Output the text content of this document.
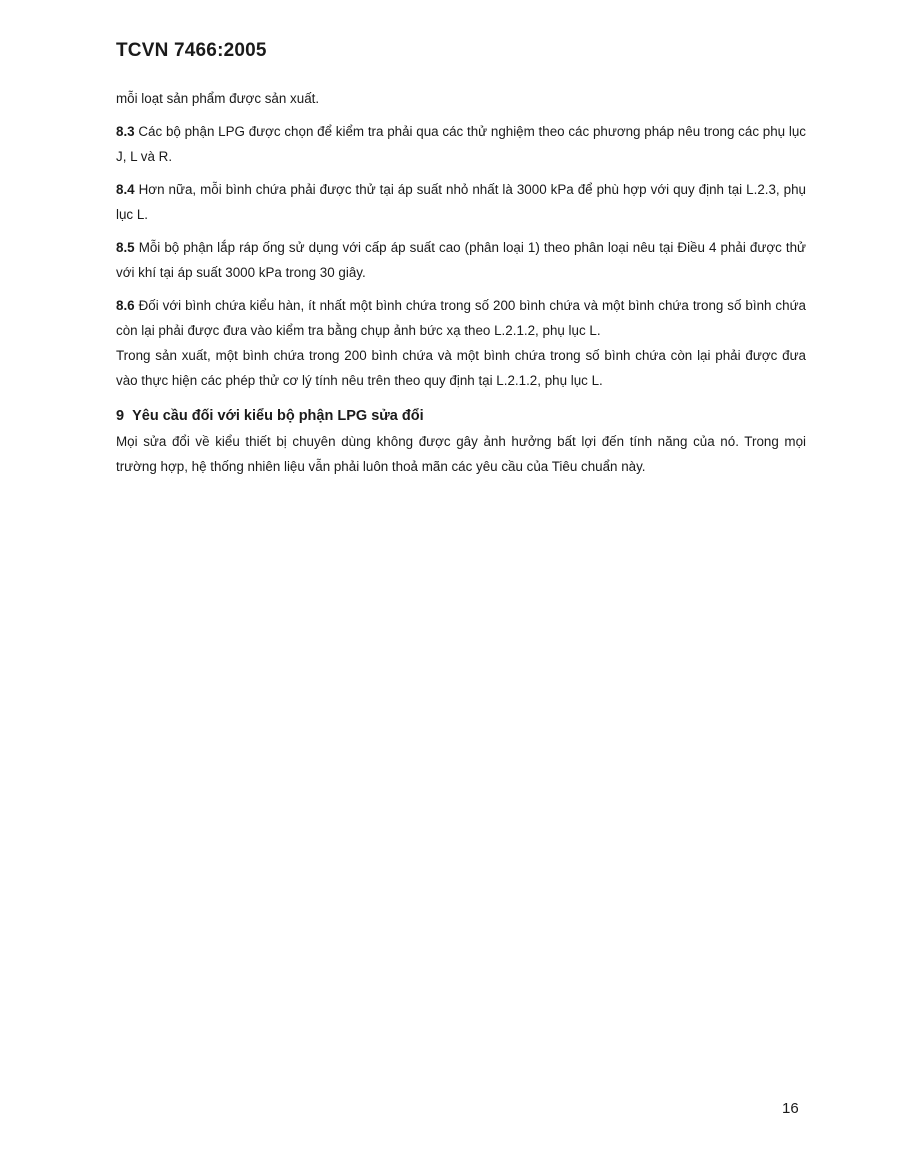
TCVN 7466:2005

mỗi loạt sản phẩm được sản xuất.

8.3 Các bộ phận LPG được chọn để kiểm tra phải qua các thử nghiệm theo các phương pháp nêu trong các phụ lục J, L và R.

8.4 Hơn nữa, mỗi bình chứa phải được thử tại áp suất nhỏ nhất là 3000 kPa để phù hợp với quy định tại L.2.3, phụ lục L.

8.5 Mỗi bộ phận lắp ráp ống sử dụng với cấp áp suất cao (phân loại 1) theo phân loại nêu tại Điều 4 phải được thử với khí tại áp suất 3000 kPa trong 30 giây.

8.6 Đối với bình chứa kiểu hàn, ít nhất một bình chứa trong số 200 bình chứa và một bình chứa trong số bình chứa còn lại phải được đưa vào kiểm tra bằng chụp ảnh bức xạ theo L.2.1.2, phụ lục L.

Trong sản xuất, một bình chứa trong 200 bình chứa và một bình chứa trong số bình chứa còn lại phải được đưa vào thực hiện các phép thử cơ lý tính nêu trên theo quy định tại L.2.1.2, phụ lục L.

9 Yêu cầu đối với kiểu bộ phận LPG sửa đổi

Mọi sửa đổi về kiểu thiết bị chuyên dùng không được gây ảnh hưởng bất lợi đến tính năng của nó. Trong mọi trường hợp, hệ thống nhiên liệu vẫn phải luôn thoả mãn các yêu cầu của Tiêu chuẩn này.

16
